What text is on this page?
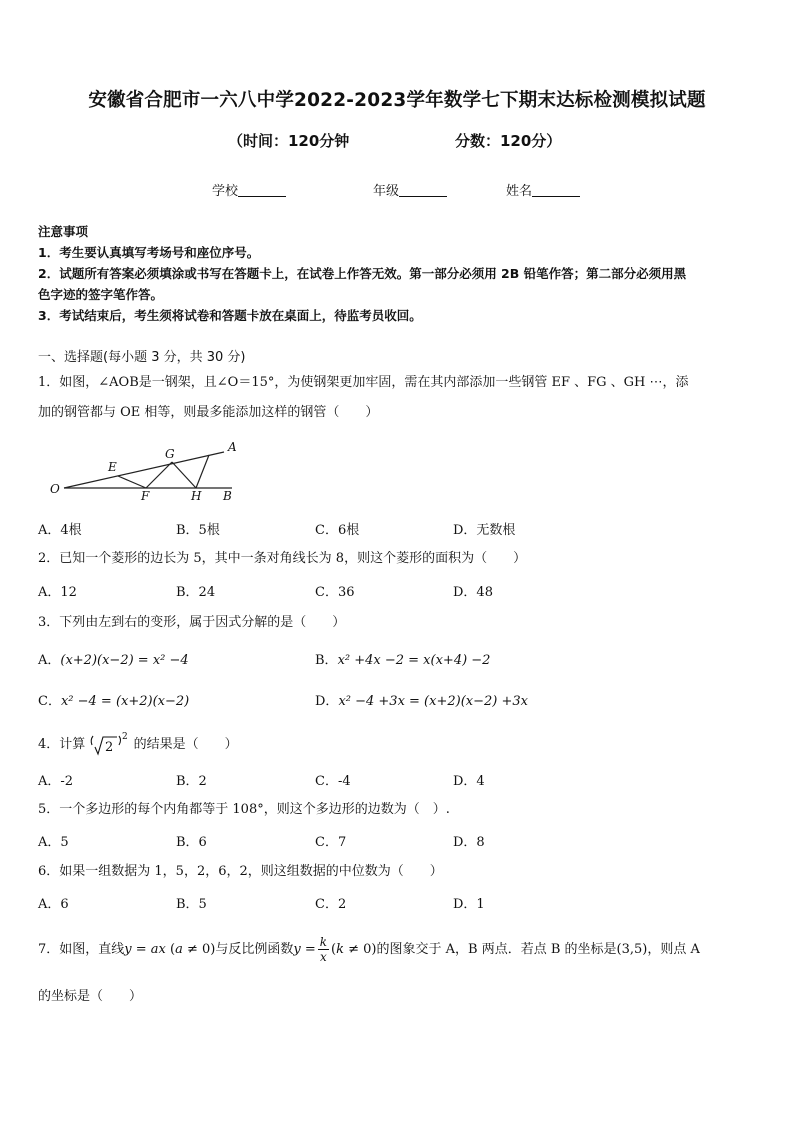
安徽省合肥市一六八中学2022-2023学年数学七下期末达标检测模拟试题
（时间：120分钟	分数：120分）
学校	年级	姓名
注意事项
1．考生要认真填写考场号和座位序号。
2．试题所有答案必须填涂或书写在答题卡上，在试卷上作答无效。第一部分必须用 2B 铅笔作答；第二部分必须用黑
色字迹的签字笔作答。
3．考试结束后，考生须将试卷和答题卡放在桌面上，待监考员收回。
一、选择题(每小题 3 分，共 30 分)
1．如图，∠AOB是一钢架，且∠O＝15°，为使钢架更加牢固，需在其内部添加一些钢管 EF 、FG 、GH ⋯，添
加的钢管都与 OE 相等，则最多能添加这样的钢管（　　）
O
E
F
G
H
A
B
A．4根	B．5根	C．6根	D．无数根
2．已知一个菱形的边长为 5，其中一条对角线长为 8，则这个菱形的面积为（　　）
A．12	B．24	C．36	D．48
3．下列由左到右的变形，属于因式分解的是（　　）
A．(x+2)(x−2) = x² −4	B．x² +4x −2 = x(x+4) −2
C．x² −4 = (x+2)(x−2)	D．x² −4 +3x = (x+2)(x−2) +3x
4．计算 2
2 的结果是（　　）
A．-2	B．2	C．-4	D．4
5．一个多边形的每个内角都等于 108°，则这个多边形的边数为（　）.
A．5	B．6	C．7	D．8
6．如果一组数据为 1，5，2，6，2，则这组数据的中位数为（　　）
A．6	B．5	C．2	D．1
7．如图，直线y = ax (a ≠ 0)与反比例函数$y = \frac{k}{x} (k \ne 0)$的图象交于 A，B 两点．若点 B 的坐标是(3,5)，则点 A
的坐标是（　　）
